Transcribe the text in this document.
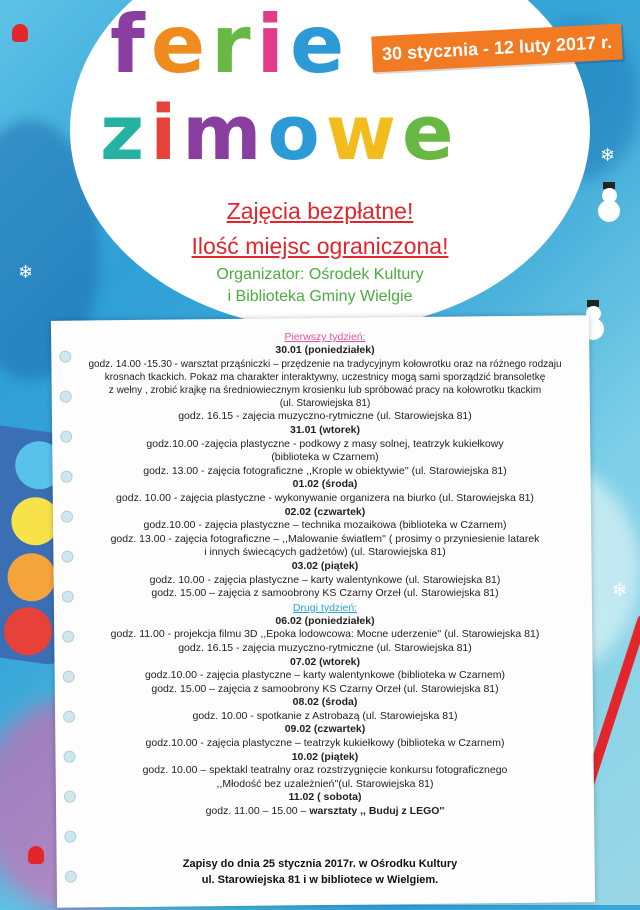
ferie
zimowe
30 stycznia - 12 luty 2017 r.
Zajęcia bezpłatne!
Ilość miejsc ograniczona!
Organizator: Ośrodek Kultury
i Biblioteka Gminy Wielgie
❄
❄
❄
Pierwszy tydzień:
30.01 (poniedziałek)
godz. 14.00 -15.30 - warsztat prząśniczki – przędzenie na tradycyjnym kołowrotku oraz na różnego rodzaju
krosnach tkackich. Pokaz ma charakter interaktywny, uczestnicy mogą sami sporządzić bransoletkę
z wełny , zrobić krajkę na średniowiecznym krosienku lub spróbować pracy na kołowrotku tkackim
(ul. Starowiejska 81)
godz. 16.15 - zajęcia muzyczno-rytmiczne (ul. Starowiejska 81)
31.01 (wtorek)
godz.10.00 -zajęcia plastyczne - podkowy z masy solnej, teatrzyk kukiełkowy
(biblioteka w Czarnem)
godz. 13.00 - zajęcia fotograficzne ,,Krople w obiektywie'' (ul. Starowiejska 81)
01.02 (środa)
godz. 10.00 - zajęcia plastyczne - wykonywanie organizera na biurko (ul. Starowiejska 81)
02.02 (czwartek)
godz.10.00 - zajęcia plastyczne – technika mozaikowa (biblioteka w Czarnem)
godz. 13.00 - zajęcia fotograficzne – ,,Malowanie światłem'' ( prosimy o przyniesienie latarek
i innych świecących gadżetów) (ul. Starowiejska 81)
03.02 (piątek)
godz. 10.00 - zajęcia plastyczne – karty walentynkowe (ul. Starowiejska 81)
godz. 15.00 – zajęcia z samoobrony KS Czarny Orzeł (ul. Starowiejska 81)
Drugi tydzień:
06.02 (poniedziałek)
godz. 11.00 - projekcja filmu 3D ,,Epoka lodowcowa: Mocne uderzenie'' (ul. Starowiejska 81)
godz. 16.15 - zajęcia muzyczno-rytmiczne (ul. Starowiejska 81)
07.02 (wtorek)
godz.10.00 - zajęcia plastyczne – karty walentynkowe (biblioteka w Czarnem)
godz. 15.00 – zajęcia z samoobrony KS Czarny Orzeł (ul. Starowiejska 81)
08.02 (środa)
godz. 10.00 - spotkanie z Astrobazą (ul. Starowiejska 81)
09.02 (czwartek)
godz.10.00 - zajęcia plastyczne – teatrzyk kukiełkowy (biblioteka w Czarnem)
10.02 (piątek)
godz. 10.00 – spektakl teatralny oraz rozstrzygnięcie konkursu fotograficznego
,,Młodość bez uzależnień''(ul. Starowiejska 81)
11.02 ( sobota)
godz. 11.00 – 15.00 – warsztaty ,, Buduj z LEGO''
Zapisy do dnia 25 stycznia 2017r. w Ośrodku Kultury
ul. Starowiejska 81 i w bibliotece w Wielgiem.
